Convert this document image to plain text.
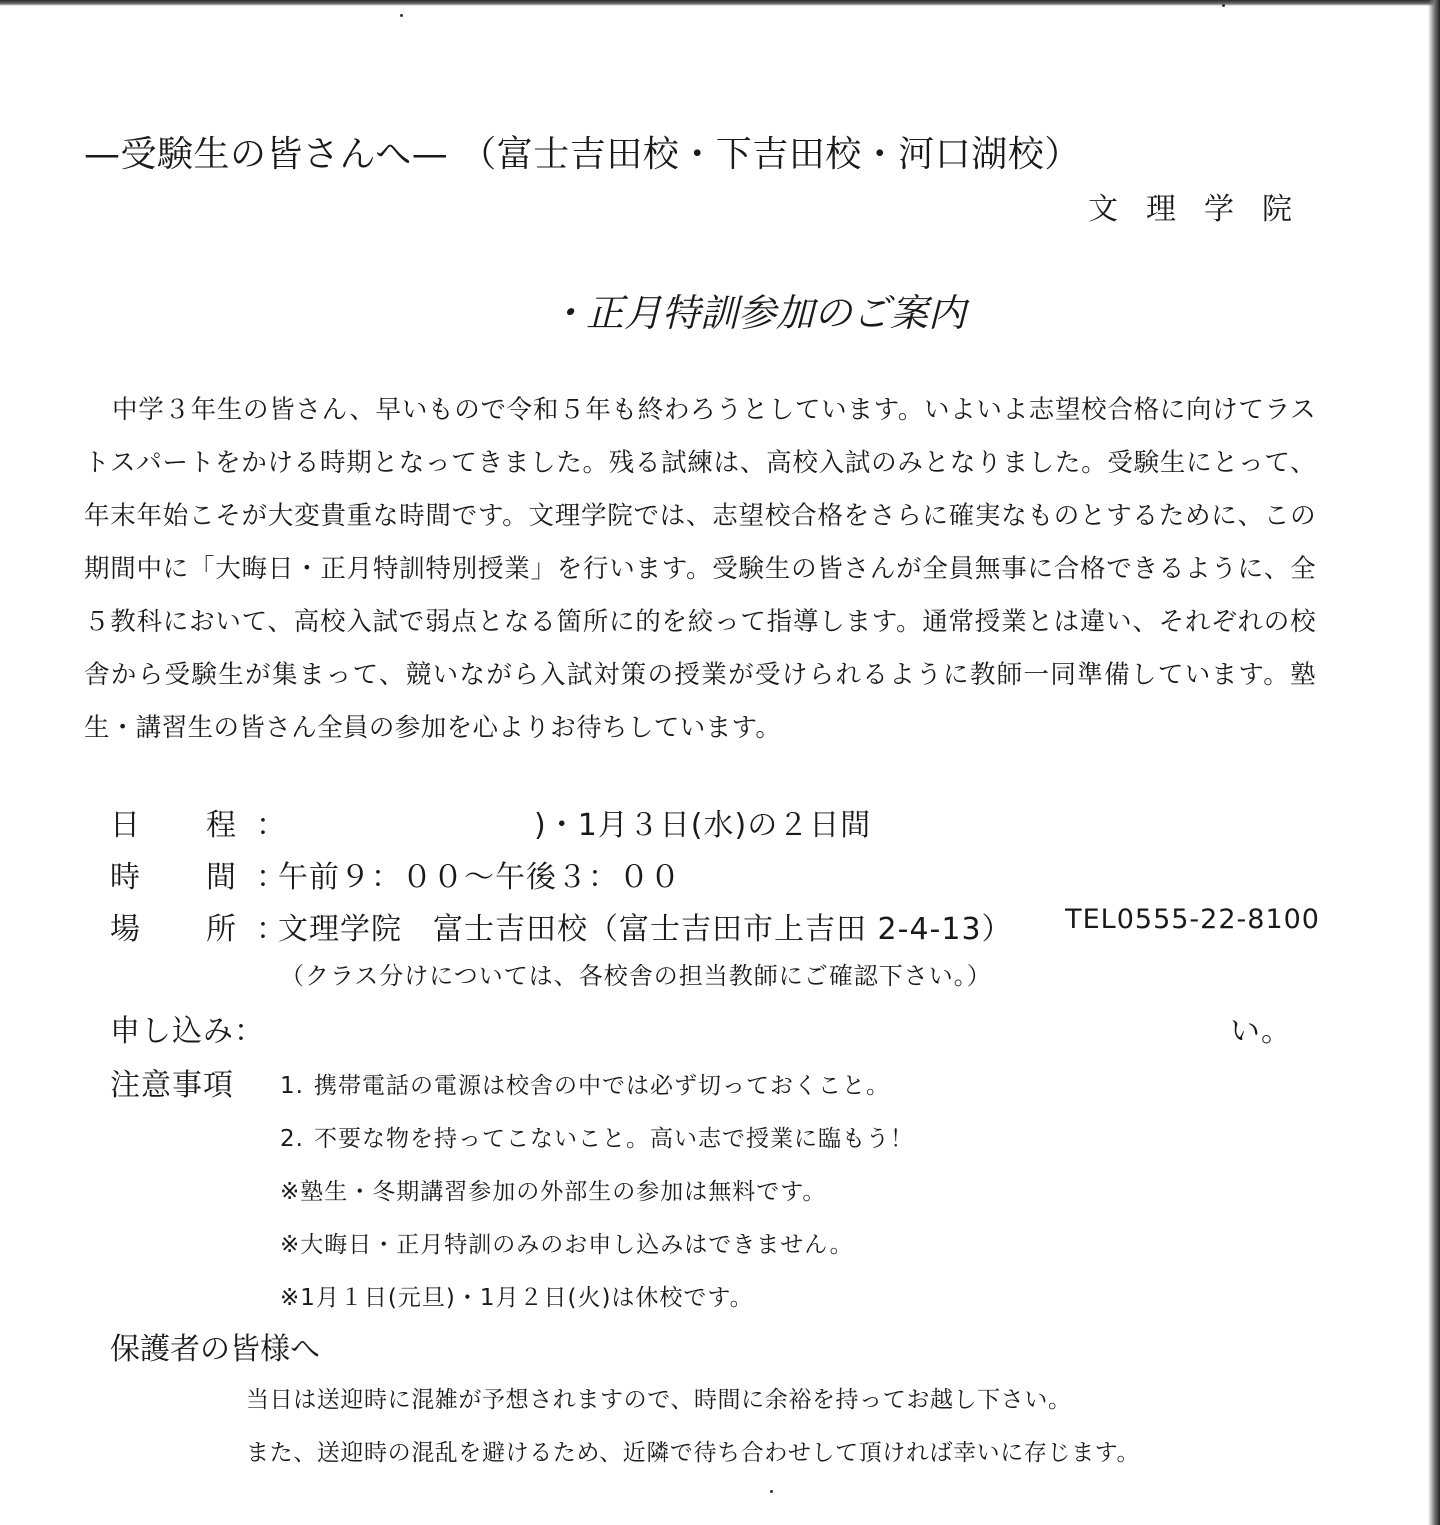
—受験生の皆さんへ— （富士吉田校・下吉田校・河口湖校）
文理学院
・正月特訓参加のご案内
中学３年生の皆さん、早いもので令和５年も終わろうとしています。いよいよ志望校合格に向けてラストスパートをかける時期となってきました。残る試練は、高校入試のみとなりました。受験生にとって、年末年始こそが大変貴重な時間です。文理学院では、志望校合格をさらに確実なものとするために、この期間中に「大晦日・正月特訓特別授業」を行います。受験生の皆さんが全員無事に合格できるように、全５教科において、高校入試で弱点となる箇所に的を絞って指導します。通常授業とは違い、それぞれの校舎から受験生が集まって、競いながら入試対策の授業が受けられるように教師一同準備しています。塾生・講習生の皆さん全員の参加を心よりお待ちしています。
日 程 ：	)・1月３日(水)の２日間
時 間 ：
午前９：００～午後３：００
場 所 ：
文理学院　富士吉田校（富士吉田市上吉田 2-4-13） TEL0555-22-8100
（クラス分けについては、各校舎の担当教師にご確認下さい。）
申し込み：	い。
注意事項 1. 携帯電話の電源は校舎の中では必ず切っておくこと。
2. 不要な物を持ってこないこと。高い志で授業に臨もう！
※塾生・冬期講習参加の外部生の参加は無料です。
※大晦日・正月特訓のみのお申し込みはできません。
※1月１日(元旦)・1月２日(火)は休校です。
保護者の皆様へ
当日は送迎時に混雑が予想されますので、時間に余裕を持ってお越し下さい。
また、送迎時の混乱を避けるため、近隣で待ち合わせして頂ければ幸いに存じます。
